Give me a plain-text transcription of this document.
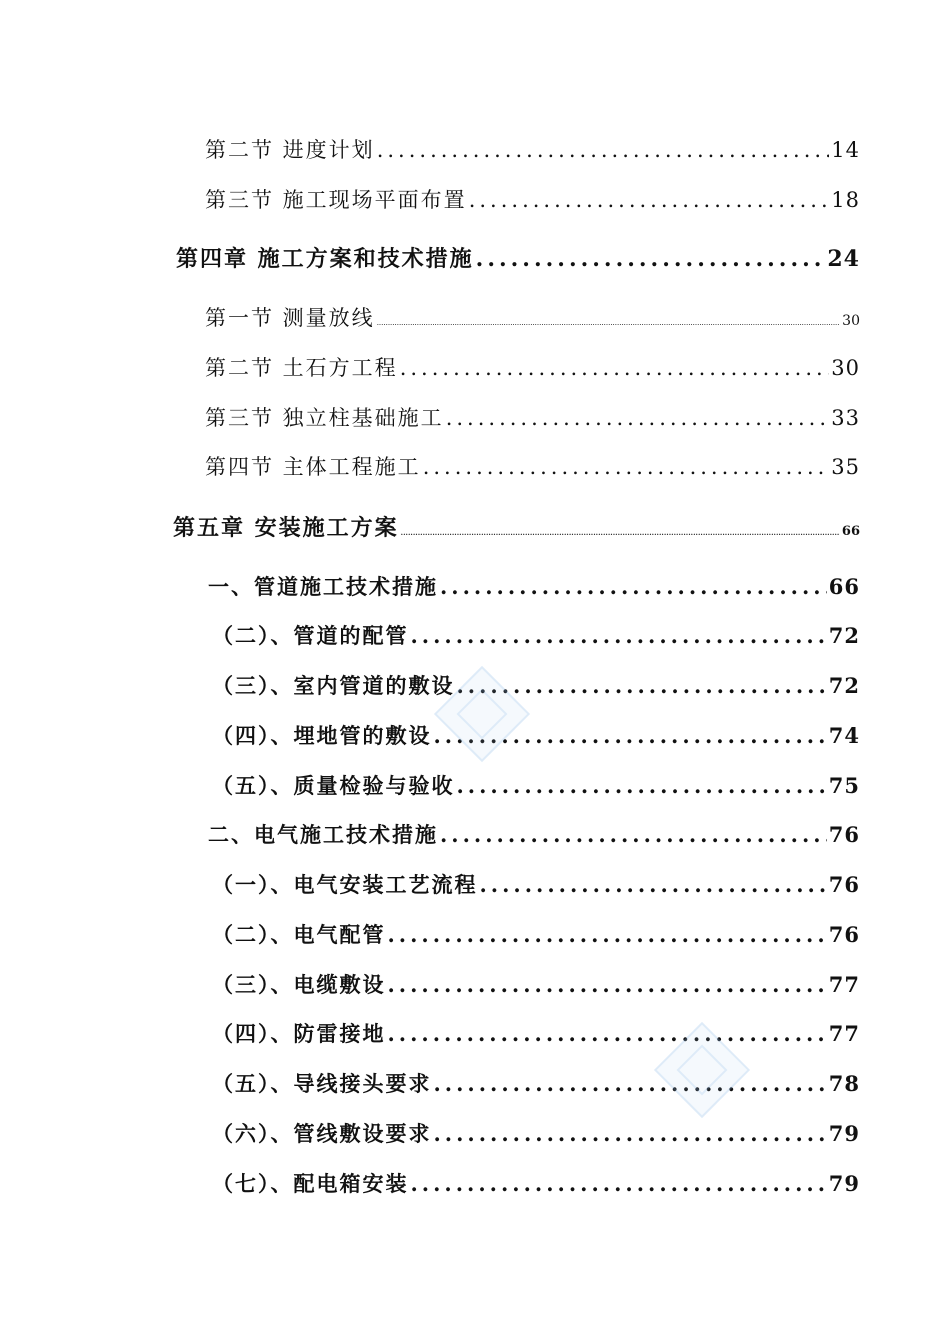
第二节 进度计划 .....	14
第三节 施工现场平面布置 .....	18
第四章 施工方案和技术措施 .....	24
第一节 测量放线 .....	30
第二节 土石方工程 .....	30
第三节 独立柱基础施工 .....	33
第四节 主体工程施工 .....	35
第五章 安装施工方案 .....	66
一、管道施工技术措施 .....	66
（二）、管道的配管 .....	72
（三）、室内管道的敷设 .....	72
（四）、埋地管的敷设 .....	74
（五）、质量检验与验收 .....	75
二、电气施工技术措施 .....	76
（一）、电气安装工艺流程 .....	76
（二）、电气配管 .....	76
（三）、电缆敷设 .....	77
（四）、防雷接地 .....	77
（五）、导线接头要求 .....	78
（六）、管线敷设要求 .....	79
（七）、配电箱安装 .....	79
